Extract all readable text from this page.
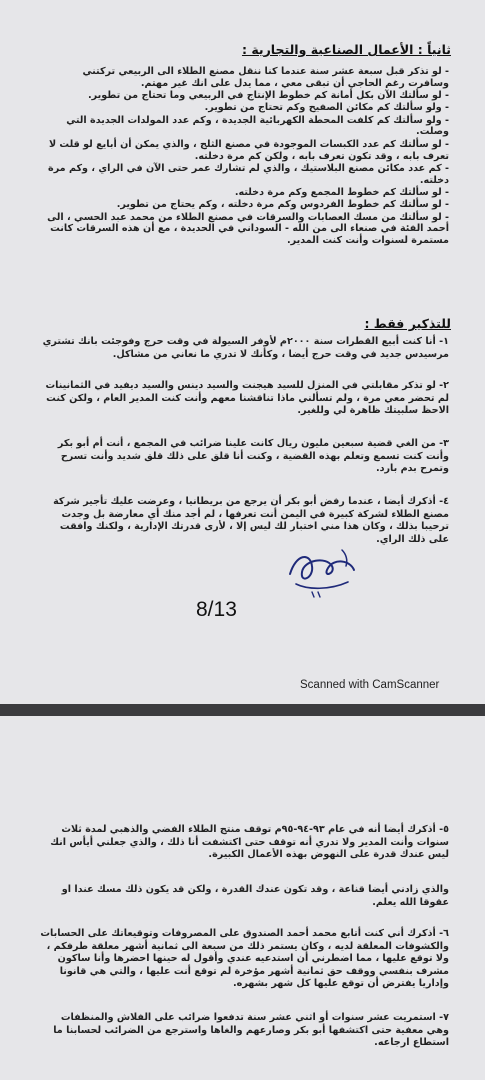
ثانياً : الأعمال الصناعية والتجارية :

- لو تذكر قبل سبعة عشر سنة عندما كنا ننقل مصنع الطلاء الى الربيعي تركتني وسافرت رغم الحاجي أن تبقى معي ، مما يدل على انك غير مهتم.

- لو سألتك الآن بكل أمانة كم خطوط الإنتاج في الربيعي وما تحتاج من تطوير.

- ولو سألتك كم مكائن الصفيح وكم تحتاج من تطوير.

- ولو سألتك كم كلفت المحطة الكهربائية الجديدة ، وكم عدد المولدات الجديدة التي وصلت.

- لو سألتك كم عدد الكبسات الموجودة في مصنع الثلج ، والذي يمكن أن أبايع لو قلت لا تعرف بابه ، وقد تكون تعرف بابه ، ولكن كم مرة دخلته.

- كم عدد مكائن مصنع البلاستيك ، والذي لم تشارك عمر حتى الآن في الراي ، وكم مرة دخلته.

- لو سألتك كم خطوط المجمع وكم مرة دخلته.

- لو سألتك كم خطوط الفردوس وكم مرة دخلته ، وكم يحتاج من تطوير.

- لو سألتك من مسك العصابات والسرقات في مصنع الطلاء من محمد عبد الحسي ، الى أحمد الفئة في صنعاء الى من الله - السوداني في الحديدة ، مع أن هذه السرقات كانت مستمرة لسنوات وأنت كنت المدير.

للتذكير فقط :

١- أنا كنت أبيع القطرات سنة ٢٠٠٠م لأوفر السيولة في وقت حرج وفوجئت بانك تشتري مرسيدس جديد في وقت حرج أيضا ، وكأنك لا تدري ما نعاني من مشاكل.

٢- لو تذكر مقابلتي في المنزل للسيد هيجنت والسيد دينس والسيد ديفيد في الثمانينات لم تحضر معي مرة ، ولم تسألني ماذا تناقشنا معهم وأنت كنت المدير العام ، ولكن كنت الاحظ سلبيتك ظاهرة لي وللغير.

٣- من الغي قضية سبعين مليون ريال كانت علينا ضرائب في المجمع ، أنت أم أبو بكر وأنت كنت تسمع وتعلم بهذه القضية ، وكنت أنا قلق على ذلك قلق شديد وأنت تسرح وتمرح بدم بارد.

٤- أذكرك أيضا ، عندما رفض أبو بكر أن يرجع من بريطانيا ، وعرضت عليك تأجير شركة مصنع الطلاء لشركة كبيرة في اليمن أنت تعرفها ، لم أجد منك أي معارضة بل وجدت ترحيبا بذلك ، وكان هذا مني اختبار لك ليس إلا ، لأرى قدرتك الإدارية ، ولكنك وافقت على ذلك الراي.

8/13
Scanned with CamScanner

٥- أذكرك أيضا أنه في عام ٩٣-٩٤-٩٥م توقف منتج الطلاء الفضي والذهبي لمدة ثلاث سنوات وأنت المدير ولا تدري أنه توقف حتى اكتشفت أنا ذلك ، والذي جعلني أيأس انك ليس عندك قدرة على النهوض بهذه الأعمال الكبيرة.

والذي زادني أيضا قناعة ، وقد تكون عندك القدرة ، ولكن قد يكون ذلك مسك عندا او عقوقا الله يعلم.

٦- أذكرك أني كنت أتابع محمد أحمد الصندوق على المصروفات وتوقيعاتك على الحسابات والكشوفات المعلقة لديه ، وكان يستمر ذلك من سبعة الى ثمانية أشهر معلقة طرفكم ، ولا توقع عليها ، مما اضطرني أن استدعيه عندي وأقول له حينها احضرها وأنا ساكون مشرف بنفسي ووقف حق ثمانية أشهر مؤخرة لم توقع أنت عليها ، والتي هي قانونا وإداريا يفترض أن توقع عليها كل شهر بشهره.

٧- استمريت عشر سنوات أو اثني عشر سنة تدفعوا ضرائب على الفلاش والمنظفات وهي معفية حتى اكتشفها أبو بكر وصارعهم والغاها واسترجع من الضرائب لحسابنا ما استطاع ارجاعه.
